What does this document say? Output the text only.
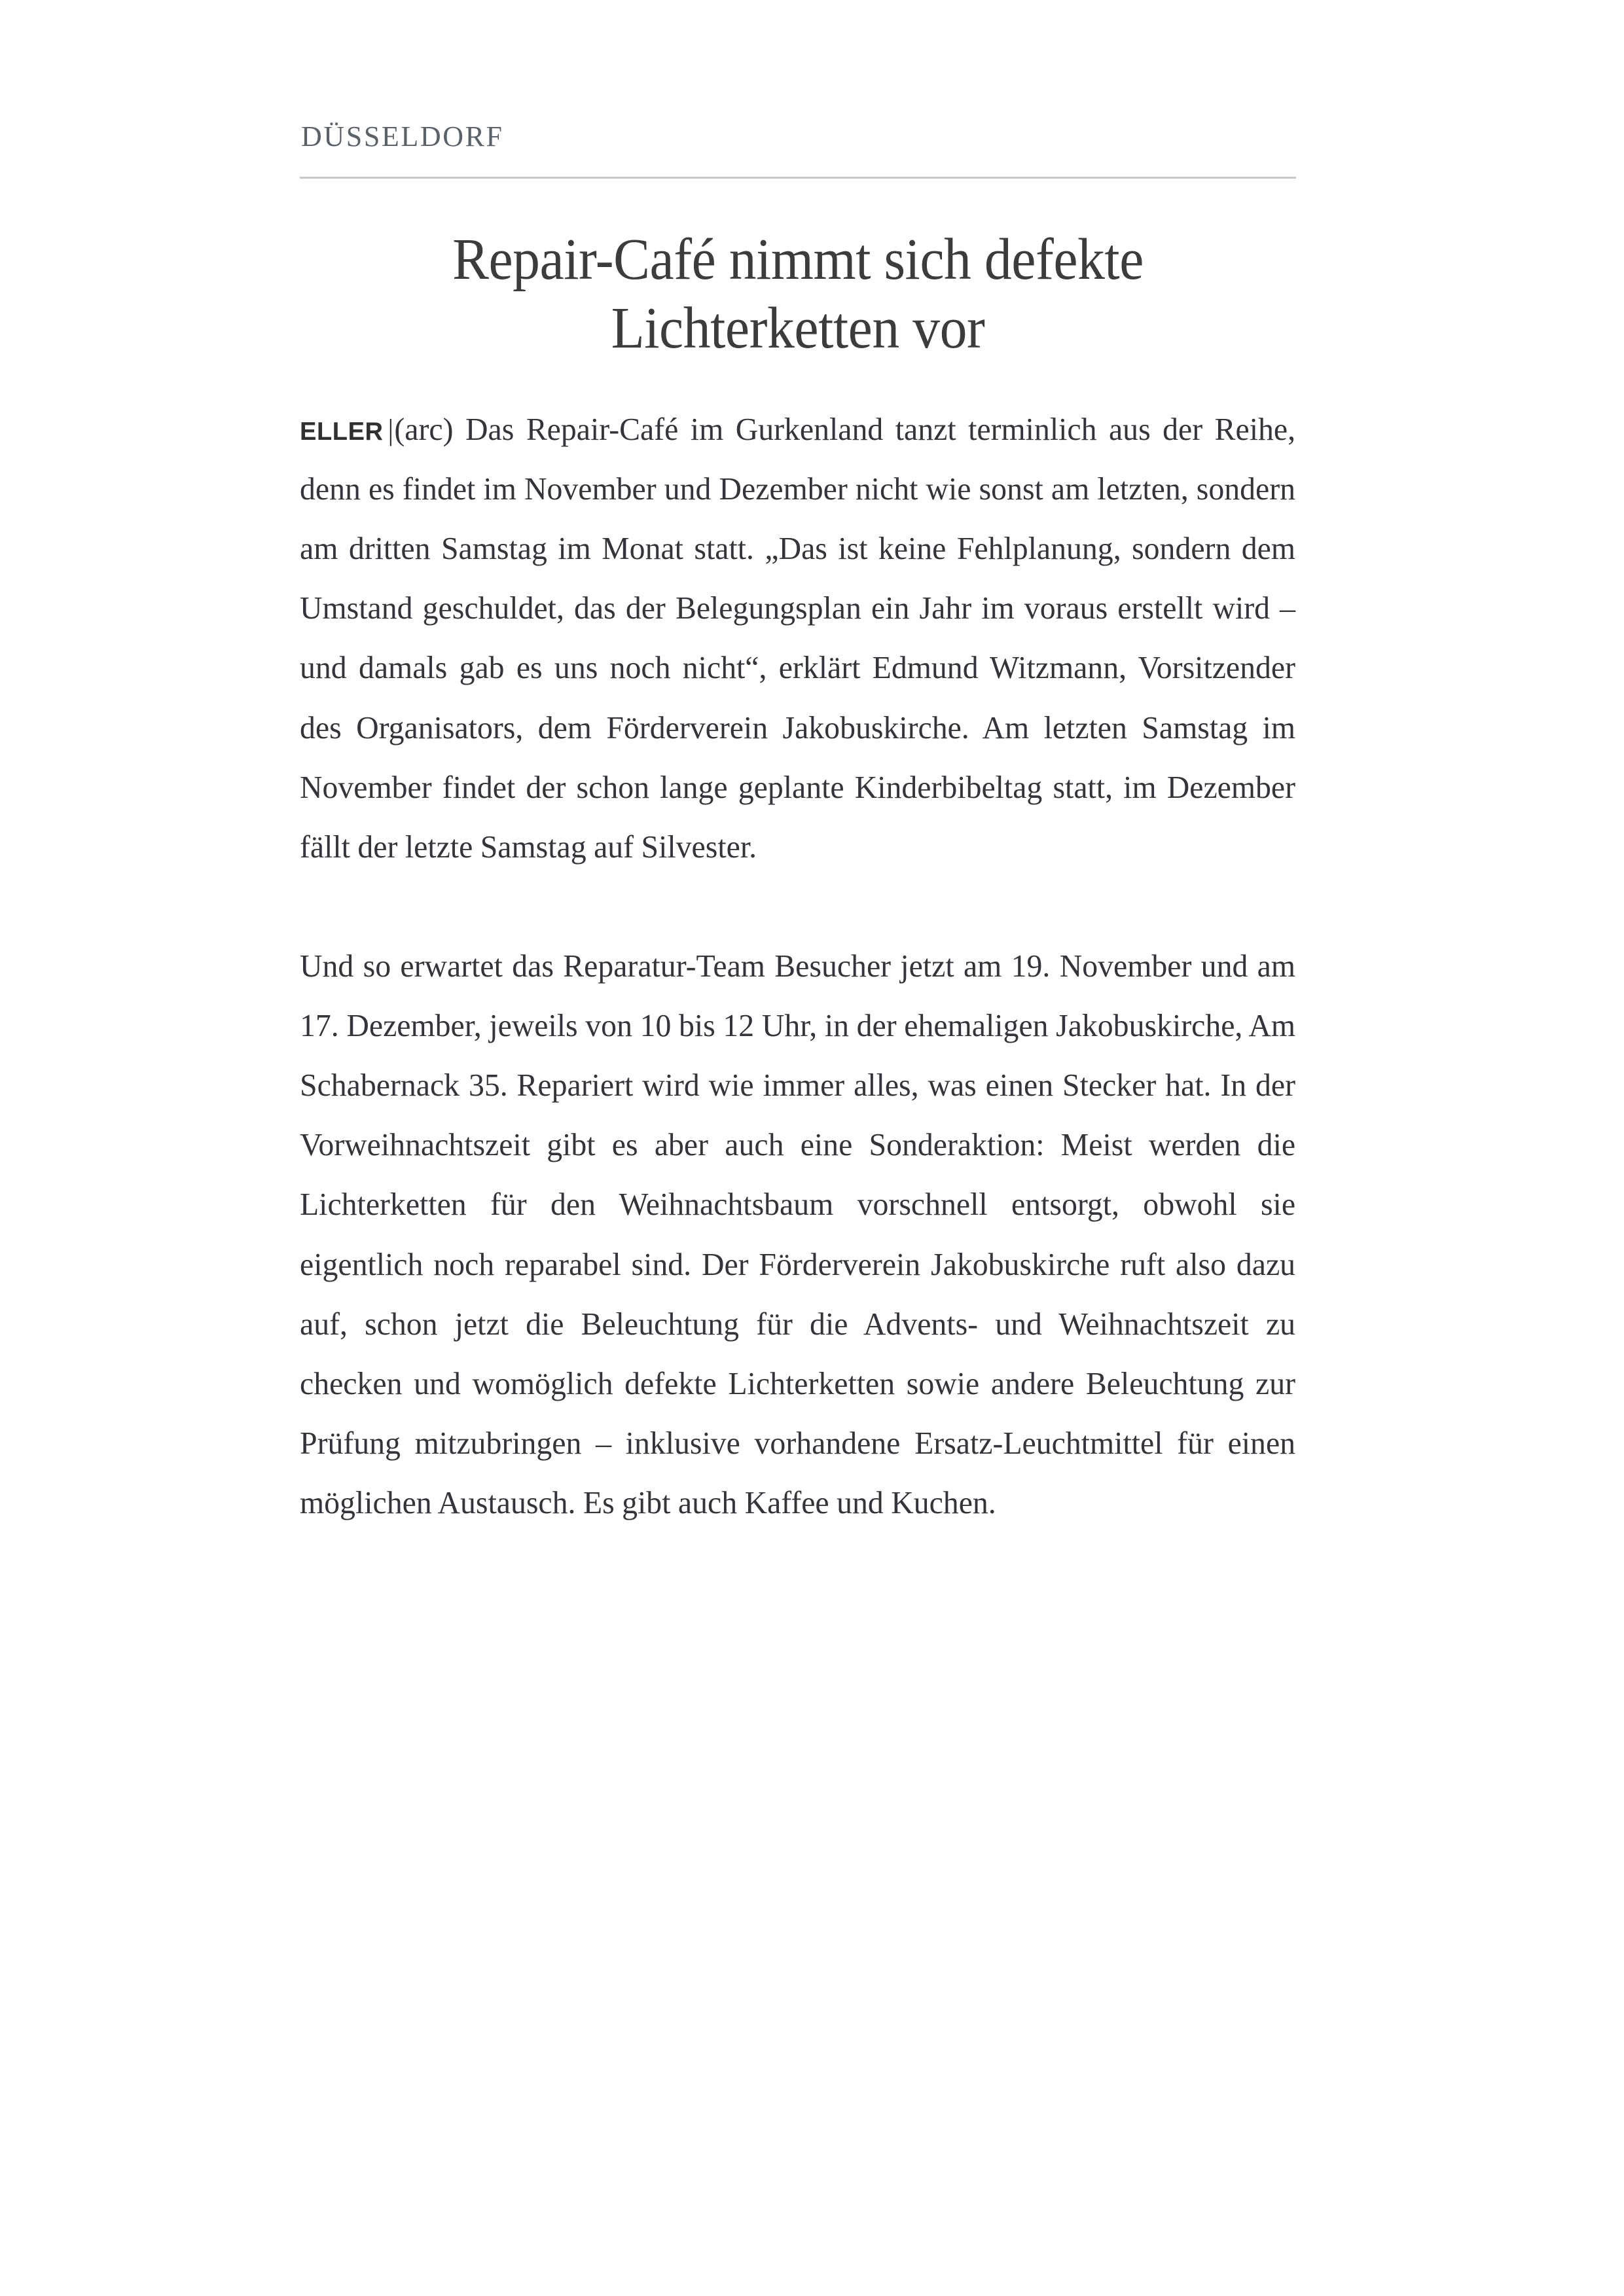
DÜSSELDORF
Repair-Café nimmt sich defekte
Lichterketten vor

ELLER |(arc) Das Repair-Café im Gurkenland tanzt terminlich aus der Reihe, denn es findet im November und Dezember nicht wie sonst am letzten, sondern am dritten Samstag im Monat statt. „Das ist keine Fehlplanung, sondern dem Umstand geschuldet, das der Belegungsplan ein Jahr im voraus erstellt wird – und damals gab es uns noch nicht“, erklärt Edmund Witzmann, Vorsitzender des Organisators, dem Förderverein Jakobuskirche. Am letzten Samstag im November findet der schon lange geplante Kinderbibeltag statt, im Dezember fällt der letzte Samstag auf Silvester.

Und so erwartet das Reparatur-Team Besucher jetzt am 19. November und am 17. Dezember, jeweils von 10 bis 12 Uhr, in der ehemaligen Jakobuskirche, Am Schabernack 35. Repariert wird wie immer alles, was einen Stecker hat. In der Vorweihnachtszeit gibt es aber auch eine Sonderaktion: Meist werden die Lichterketten für den Weihnachtsbaum vorschnell entsorgt, obwohl sie eigentlich noch reparabel sind. Der Förderverein Jakobuskirche ruft also dazu auf, schon jetzt die Beleuchtung für die Advents- und Weihnachtszeit zu checken und womöglich defekte Lichterketten sowie andere Beleuchtung zur Prüfung mitzubringen – inklusive vorhandene Ersatz-Leuchtmittel für einen möglichen Austausch. Es gibt auch Kaffee und Kuchen.
